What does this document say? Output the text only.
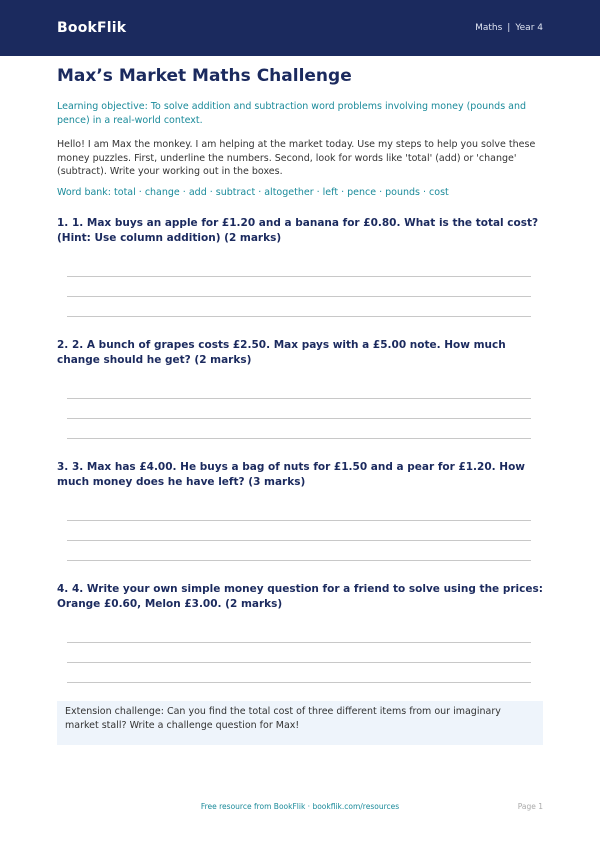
BookFlik	Maths | Year 4
Max’s Market Maths Challenge

Learning objective: To solve addition and subtraction word problems involving money (pounds and pence) in a real-world context.

Hello! I am Max the monkey. I am helping at the market today. Use my steps to help you solve these money puzzles. First, underline the numbers. Second, look for words like 'total' (add) or 'change' (subtract). Write your working out in the boxes.

Word bank: total · change · add · subtract · altogether · left · pence · pounds · cost

1. 1. Max buys an apple for £1.20 and a banana for £0.80. What is the total cost? (Hint: Use column addition) (2 marks)

2. 2. A bunch of grapes costs £2.50. Max pays with a £5.00 note. How much change should he get? (2 marks)

3. 3. Max has £4.00. He buys a bag of nuts for £1.50 and a pear for £1.20. How much money does he have left? (3 marks)

4. 4. Write your own simple money question for a friend to solve using the prices: Orange £0.60, Melon £3.00. (2 marks)

Extension challenge: Can you find the total cost of three different items from our imaginary market stall? Write a challenge question for Max!
Free resource from BookFlik · bookflik.com/resources	Page 1
